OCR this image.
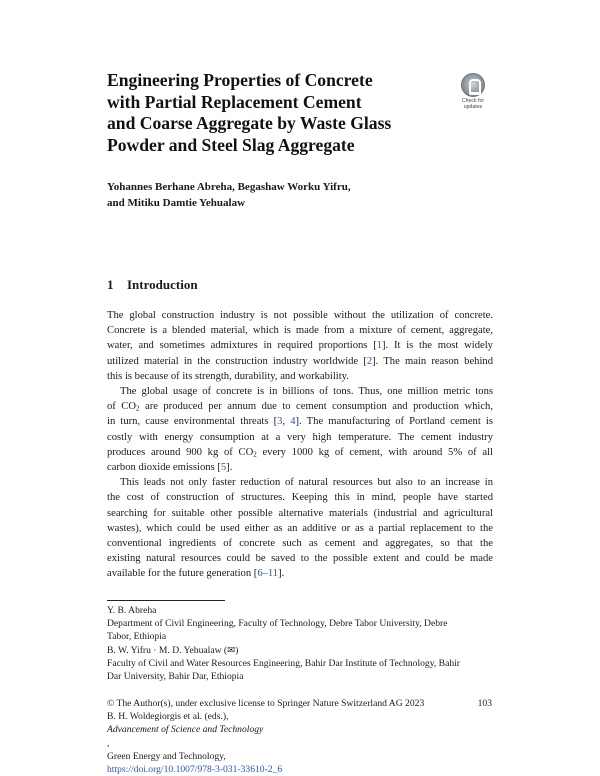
Engineering Properties of Concrete
with Partial Replacement Cement
and Coarse Aggregate by Waste Glass
Powder and Steel Slag Aggregate
Check for
updates
Yohannes Berhane Abreha, Begashaw Worku Yifru,
and Mitiku Damtie Yehualaw
1 Introduction
The global construction industry is not possible without the utilization of concrete.
Concrete is a blended material, which is made from a mixture of cement, aggregate,
water, and sometimes admixtures in required proportions [1]. It is the most widely
utilized material in the construction industry worldwide [2]. The main reason behind
this is because of its strength, durability, and workability.
The global usage of concrete is in billions of tons. Thus, one million metric tons
of $CO_2$ are produced per annum due to cement consumption and production which,
in turn, cause environmental threats [3, 4]. The manufacturing of Portland cement is
costly with energy consumption at a very high temperature. The cement industry
produces around 900 kg of $CO_2$ every 1000 kg of cement, with around 5% of all
carbon dioxide emissions [5].
This leads not only faster reduction of natural resources but also to an increase in
the cost of construction of structures. Keeping this in mind, people have started
searching for suitable other possible alternative materials (industrial and agricultural
wastes), which could be used either as an additive or as a partial replacement to the
conventional ingredients of concrete such as cement and aggregates, so that the
existing natural resources could be saved to the possible extent and could be made
available for the future generation [6–11].
Y. B. Abreha
Department of Civil Engineering, Faculty of Technology, Debre Tabor University, Debre
Tabor, Ethiopia
B. W. Yifru · M. D. Yehualaw (✉)
Faculty of Civil and Water Resources Engineering, Bahir Dar Institute of Technology, Bahir
Dar University, Bahir Dar, Ethiopia
© The Author(s), under exclusive license to Springer Nature Switzerland AG 2023
B. H. Woldegiorgis et al. (eds.),
Advancement of Science and Technology
,
Green Energy and Technology,
https://doi.org/10.1007/978-3-031-33610-2_6
103
